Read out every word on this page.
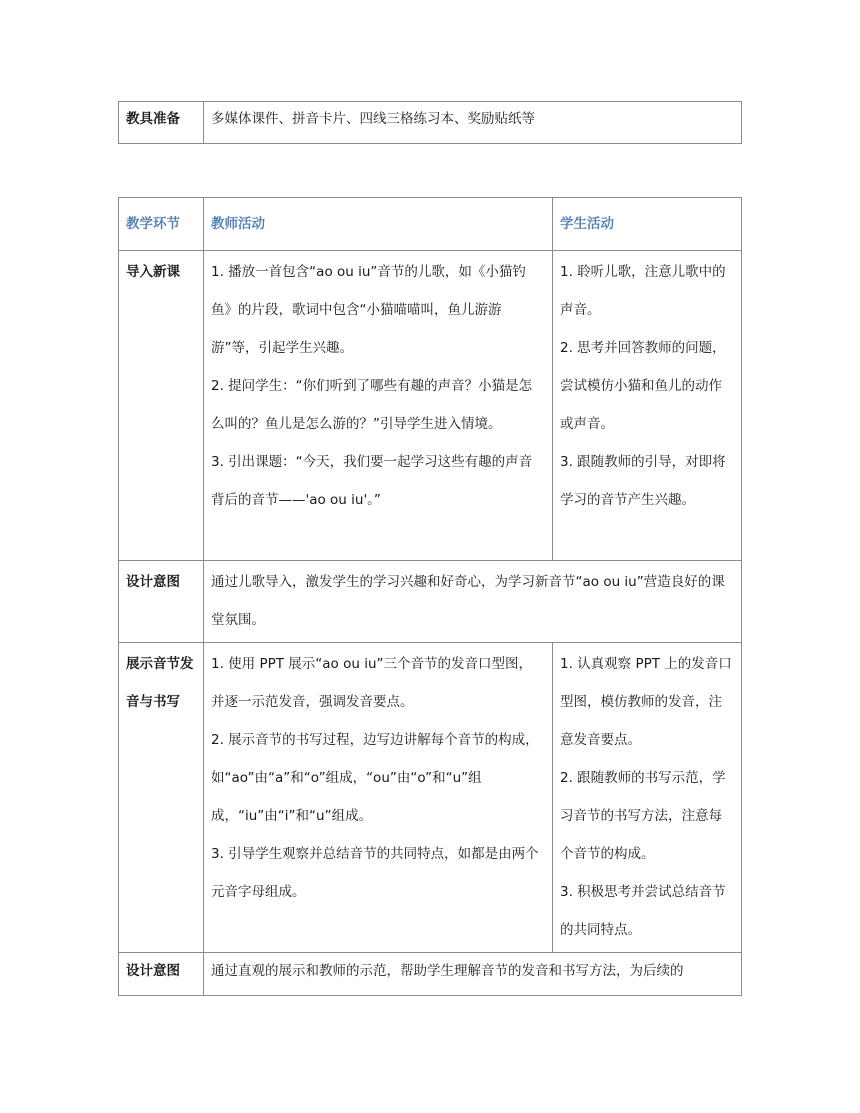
教具准备	多媒体课件、拼音卡片、四线三格练习本、奖励贴纸等
教学环节	教师活动	学生活动
导入新课	1. 播放一首包含“ao ou iu”音节的儿歌，如《小猫钓鱼》的片段，歌词中包含“小猫喵喵叫，鱼儿游游游”等，引起学生兴趣。
2. 提问学生：“你们听到了哪些有趣的声音？小猫是怎么叫的？鱼儿是怎么游的？”引导学生进入情境。
3. 引出课题：“今天，我们要一起学习这些有趣的声音背后的音节——'ao ou iu'。”	1. 聆听儿歌，注意儿歌中的声音。
2. 思考并回答教师的问题，尝试模仿小猫和鱼儿的动作或声音。
3. 跟随教师的引导，对即将学习的音节产生兴趣。

设计意图	通过儿歌导入，激发学生的学习兴趣和好奇心，为学习新音节“ao ou iu”营造良好的课堂氛围。	
展示音节发音与书写	1. 使用 PPT 展示“ao ou iu”三个音节的发音口型图，并逐一示范发音，强调发音要点。
2. 展示音节的书写过程，边写边讲解每个音节的构成，如“ao”由“a”和“o”组成，“ou”由“o”和“u”组成，“iu”由“i”和“u”组成。
3. 引导学生观察并总结音节的共同特点，如都是由两个元音字母组成。	1. 认真观察 PPT 上的发音口型图，模仿教师的发音，注意发音要点。
2. 跟随教师的书写示范，学习音节的书写方法，注意每个音节的构成。
3. 积极思考并尝试总结音节的共同特点。

设计意图	通过直观的展示和教师的示范，帮助学生理解音节的发音和书写方法，为后续的	
